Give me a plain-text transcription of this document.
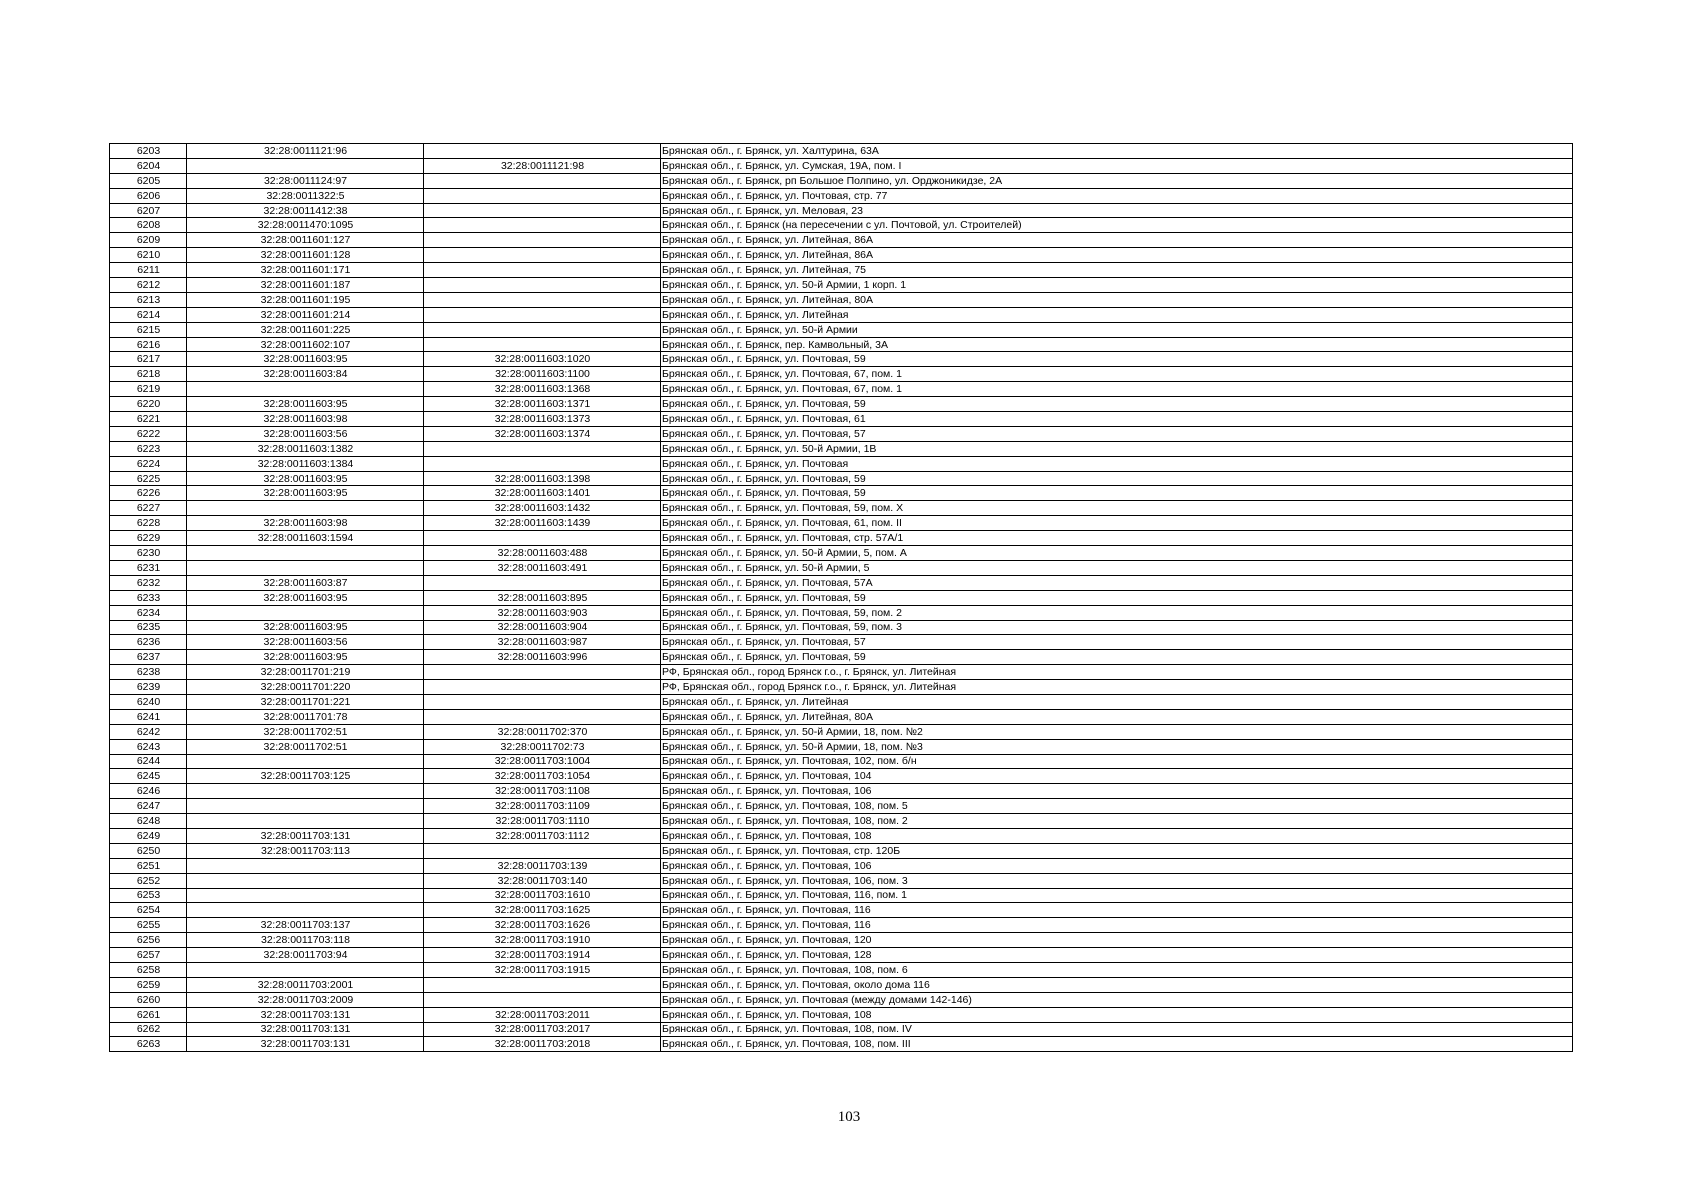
6203	32:28:0011121:96		Брянская обл., г. Брянск, ул. Халтурина, 63А
6204		32:28:0011121:98	Брянская обл., г. Брянск, ул. Сумская, 19А, пом. I
6205	32:28:0011124:97		Брянская обл., г. Брянск, рп Большое Полпино, ул. Орджоникидзе, 2А
6206	32:28:0011322:5		Брянская обл., г. Брянск, ул. Почтовая, стр. 77
6207	32:28:0011412:38		Брянская обл., г. Брянск, ул. Меловая, 23
6208	32:28:0011470:1095		Брянская обл., г. Брянск (на пересечении с ул. Почтовой, ул. Строителей)
6209	32:28:0011601:127		Брянская обл., г. Брянск, ул. Литейная, 86А
6210	32:28:0011601:128		Брянская обл., г. Брянск, ул. Литейная, 86А
6211	32:28:0011601:171		Брянская обл., г. Брянск, ул. Литейная, 75
6212	32:28:0011601:187		Брянская обл., г. Брянск, ул. 50-й Армии, 1 корп. 1
6213	32:28:0011601:195		Брянская обл., г. Брянск, ул. Литейная, 80А
6214	32:28:0011601:214		Брянская обл., г. Брянск, ул. Литейная
6215	32:28:0011601:225		Брянская обл., г. Брянск, ул. 50-й Армии
6216	32:28:0011602:107		Брянская обл., г. Брянск, пер. Камвольный, 3А
6217	32:28:0011603:95	32:28:0011603:1020	Брянская обл., г. Брянск, ул. Почтовая, 59
6218	32:28:0011603:84	32:28:0011603:1100	Брянская обл., г. Брянск, ул. Почтовая, 67, пом. 1
6219		32:28:0011603:1368	Брянская обл., г. Брянск, ул. Почтовая, 67, пом. 1
6220	32:28:0011603:95	32:28:0011603:1371	Брянская обл., г. Брянск, ул. Почтовая, 59
6221	32:28:0011603:98	32:28:0011603:1373	Брянская обл., г. Брянск, ул. Почтовая, 61
6222	32:28:0011603:56	32:28:0011603:1374	Брянская обл., г. Брянск, ул. Почтовая, 57
6223	32:28:0011603:1382		Брянская обл., г. Брянск, ул. 50-й Армии, 1В
6224	32:28:0011603:1384		Брянская обл., г. Брянск, ул. Почтовая
6225	32:28:0011603:95	32:28:0011603:1398	Брянская обл., г. Брянск, ул. Почтовая, 59
6226	32:28:0011603:95	32:28:0011603:1401	Брянская обл., г. Брянск, ул. Почтовая, 59
6227		32:28:0011603:1432	Брянская обл., г. Брянск, ул. Почтовая, 59, пом. X
6228	32:28:0011603:98	32:28:0011603:1439	Брянская обл., г. Брянск, ул. Почтовая, 61, пом. II
6229	32:28:0011603:1594		Брянская обл., г. Брянск, ул. Почтовая, стр. 57А/1
6230		32:28:0011603:488	Брянская обл., г. Брянск, ул. 50-й Армии, 5, пом. А
6231		32:28:0011603:491	Брянская обл., г. Брянск, ул. 50-й Армии, 5
6232	32:28:0011603:87		Брянская обл., г. Брянск, ул. Почтовая, 57А
6233	32:28:0011603:95	32:28:0011603:895	Брянская обл., г. Брянск, ул. Почтовая, 59
6234		32:28:0011603:903	Брянская обл., г. Брянск, ул. Почтовая, 59, пом. 2
6235	32:28:0011603:95	32:28:0011603:904	Брянская обл., г. Брянск, ул. Почтовая, 59, пом. 3
6236	32:28:0011603:56	32:28:0011603:987	Брянская обл., г. Брянск, ул. Почтовая, 57
6237	32:28:0011603:95	32:28:0011603:996	Брянская обл., г. Брянск, ул. Почтовая, 59
6238	32:28:0011701:219		РФ, Брянская обл., город Брянск г.о., г. Брянск, ул. Литейная
6239	32:28:0011701:220		РФ, Брянская обл., город Брянск г.о., г. Брянск, ул. Литейная
6240	32:28:0011701:221		Брянская обл., г. Брянск, ул. Литейная
6241	32:28:0011701:78		Брянская обл., г. Брянск, ул. Литейная, 80А
6242	32:28:0011702:51	32:28:0011702:370	Брянская обл., г. Брянск, ул. 50-й Армии, 18, пом. №2
6243	32:28:0011702:51	32:28:0011702:73	Брянская обл., г. Брянск, ул. 50-й Армии, 18, пом. №3
6244		32:28:0011703:1004	Брянская обл., г. Брянск, ул. Почтовая, 102, пом. б/н
6245	32:28:0011703:125	32:28:0011703:1054	Брянская обл., г. Брянск, ул. Почтовая, 104
6246		32:28:0011703:1108	Брянская обл., г. Брянск, ул. Почтовая, 106
6247		32:28:0011703:1109	Брянская обл., г. Брянск, ул. Почтовая, 108, пом. 5
6248		32:28:0011703:1110	Брянская обл., г. Брянск, ул. Почтовая, 108, пом. 2
6249	32:28:0011703:131	32:28:0011703:1112	Брянская обл., г. Брянск, ул. Почтовая, 108
6250	32:28:0011703:113		Брянская обл., г. Брянск, ул. Почтовая, стр. 120Б
6251		32:28:0011703:139	Брянская обл., г. Брянск, ул. Почтовая, 106
6252		32:28:0011703:140	Брянская обл., г. Брянск, ул. Почтовая, 106, пом. 3
6253		32:28:0011703:1610	Брянская обл., г. Брянск, ул. Почтовая, 116, пом. 1
6254		32:28:0011703:1625	Брянская обл., г. Брянск, ул. Почтовая, 116
6255	32:28:0011703:137	32:28:0011703:1626	Брянская обл., г. Брянск, ул. Почтовая, 116
6256	32:28:0011703:118	32:28:0011703:1910	Брянская обл., г. Брянск, ул. Почтовая, 120
6257	32:28:0011703:94	32:28:0011703:1914	Брянская обл., г. Брянск, ул. Почтовая, 128
6258		32:28:0011703:1915	Брянская обл., г. Брянск, ул. Почтовая, 108, пом. 6
6259	32:28:0011703:2001		Брянская обл., г. Брянск, ул. Почтовая, около дома 116
6260	32:28:0011703:2009		Брянская обл., г. Брянск, ул. Почтовая (между домами 142-146)
6261	32:28:0011703:131	32:28:0011703:2011	Брянская обл., г. Брянск, ул. Почтовая, 108
6262	32:28:0011703:131	32:28:0011703:2017	Брянская обл., г. Брянск, ул. Почтовая, 108, пом. IV
6263	32:28:0011703:131	32:28:0011703:2018	Брянская обл., г. Брянск, ул. Почтовая, 108, пом. III
103
